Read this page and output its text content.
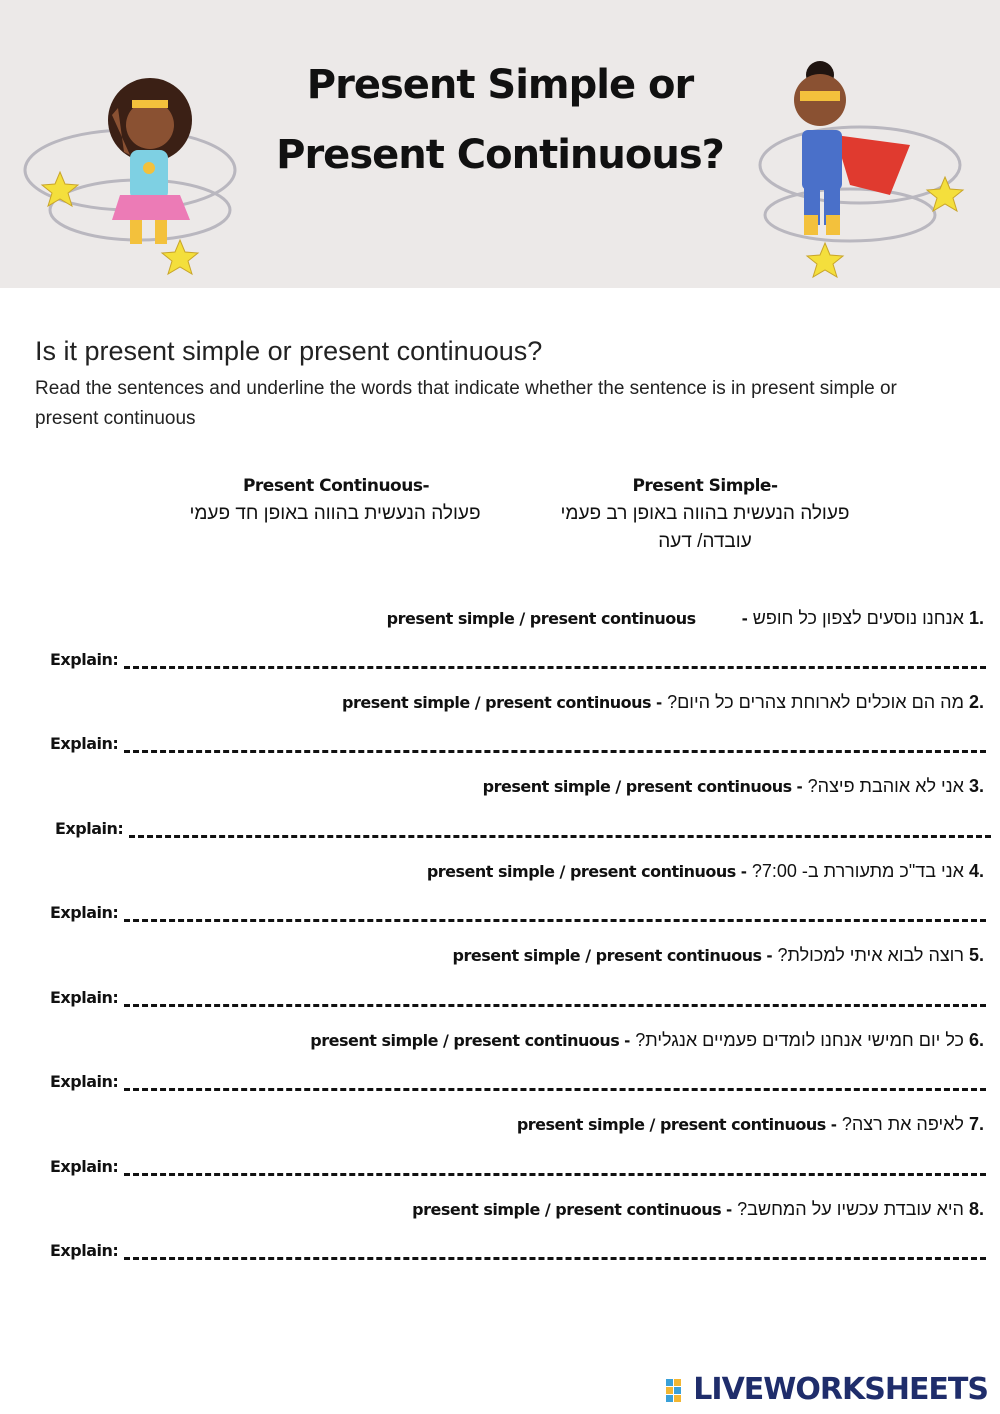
Present Simple or
Present Continuous?
Is it present simple or present continuous?
Read the sentences and underline the words that indicate whether the sentence is in present simple or present continuous
Present Continuous-
פעולה הנעשית בהווה באופן חד פעמי
Present Simple-
פעולה הנעשית בהווה באופן רב פעמי
עובדה/ דעה
present simple / present continuous	- אנחנו נוסעים לצפון כל חופש 1.
Explain:
present simple / present continuous - מה הם אוכלים לארוחת צהרים כל היום? 2.
Explain:
present simple / present continuous - אני לא אוהבת פיצה? 3.
Explain:
present simple / present continuous - אני בד"כ מתעוררת ב- 7:00? 4.
Explain:
present simple / present continuous - רוצה לבוא איתי למכולת? 5.
Explain:
present simple / present continuous - כל יום חמישי אנחנו לומדים פעמיים אנגלית? 6.
Explain:
present simple / present continuous - לאיפה את רצה? 7.
Explain:
present simple / present continuous - היא עובדת עכשיו על המחשב? 8.
Explain:
LIVEWORKSHEETS
